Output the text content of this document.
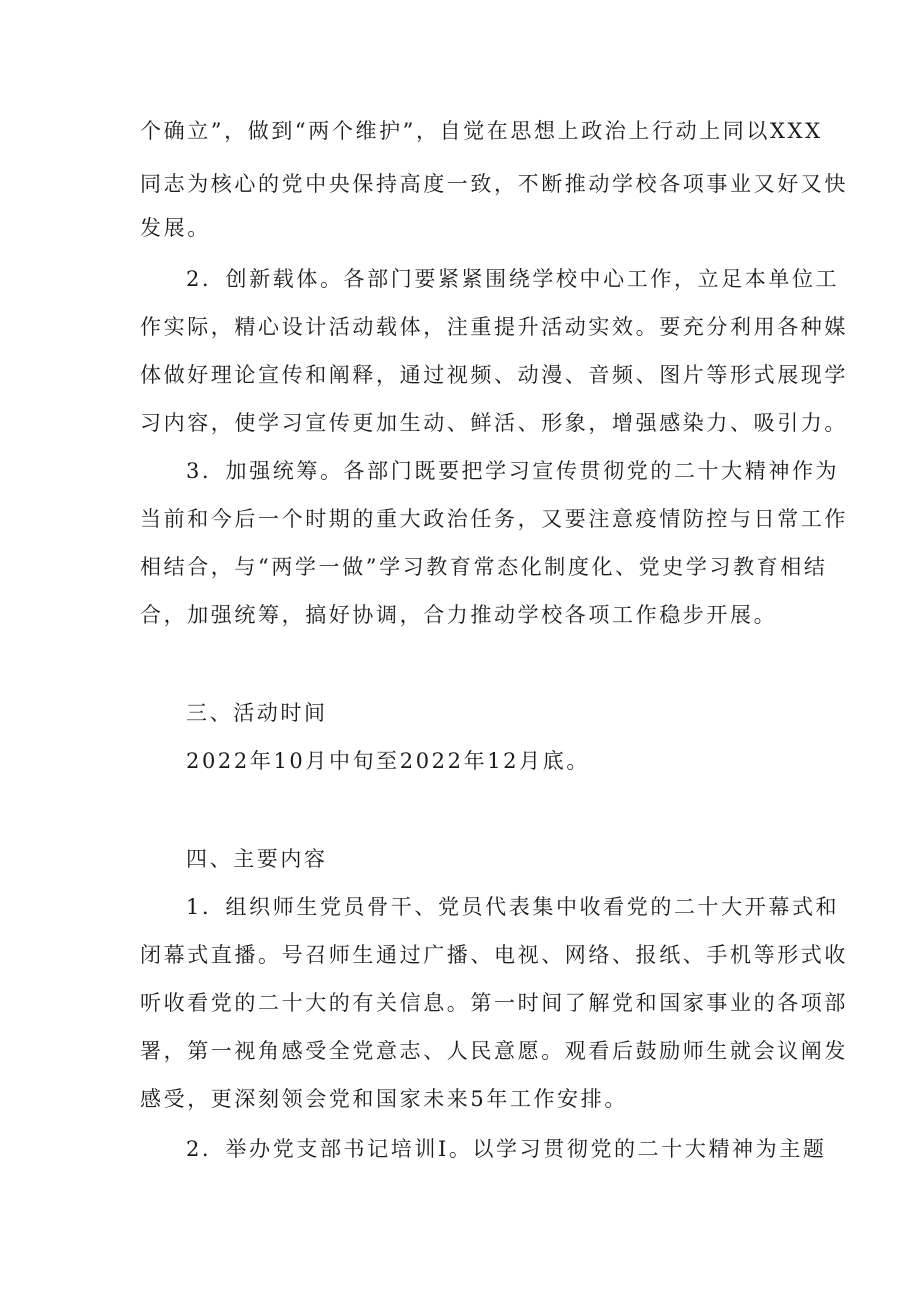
个确立”，做到“两个维护”，自觉在思想上政治上行动上同以XXX
同志为核心的党中央保持高度一致，不断推动学校各项事业又好又快
发展。
2．创新载体。各部门要紧紧围绕学校中心工作，立足本单位工
作实际，精心设计活动载体，注重提升活动实效。要充分利用各种媒
体做好理论宣传和阐释，通过视频、动漫、音频、图片等形式展现学
习内容，使学习宣传更加生动、鲜活、形象，增强感染力、吸引力。
3．加强统筹。各部门既要把学习宣传贯彻党的二十大精神作为
当前和今后一个时期的重大政治任务，又要注意疫情防控与日常工作
相结合，与“两学一做”学习教育常态化制度化、党史学习教育相结
合，加强统筹，搞好协调，合力推动学校各项工作稳步开展。
三、活动时间
2022年10月中旬至2022年12月底。
四、主要内容
1．组织师生党员骨干、党员代表集中收看党的二十大开幕式和
闭幕式直播。号召师生通过广播、电视、网络、报纸、手机等形式收
听收看党的二十大的有关信息。第一时间了解党和国家事业的各项部
署，第一视角感受全党意志、人民意愿。观看后鼓励师生就会议阐发
感受，更深刻领会党和国家未来5年工作安排。
2．举办党支部书记培训I。以学习贯彻党的二十大精神为主题
